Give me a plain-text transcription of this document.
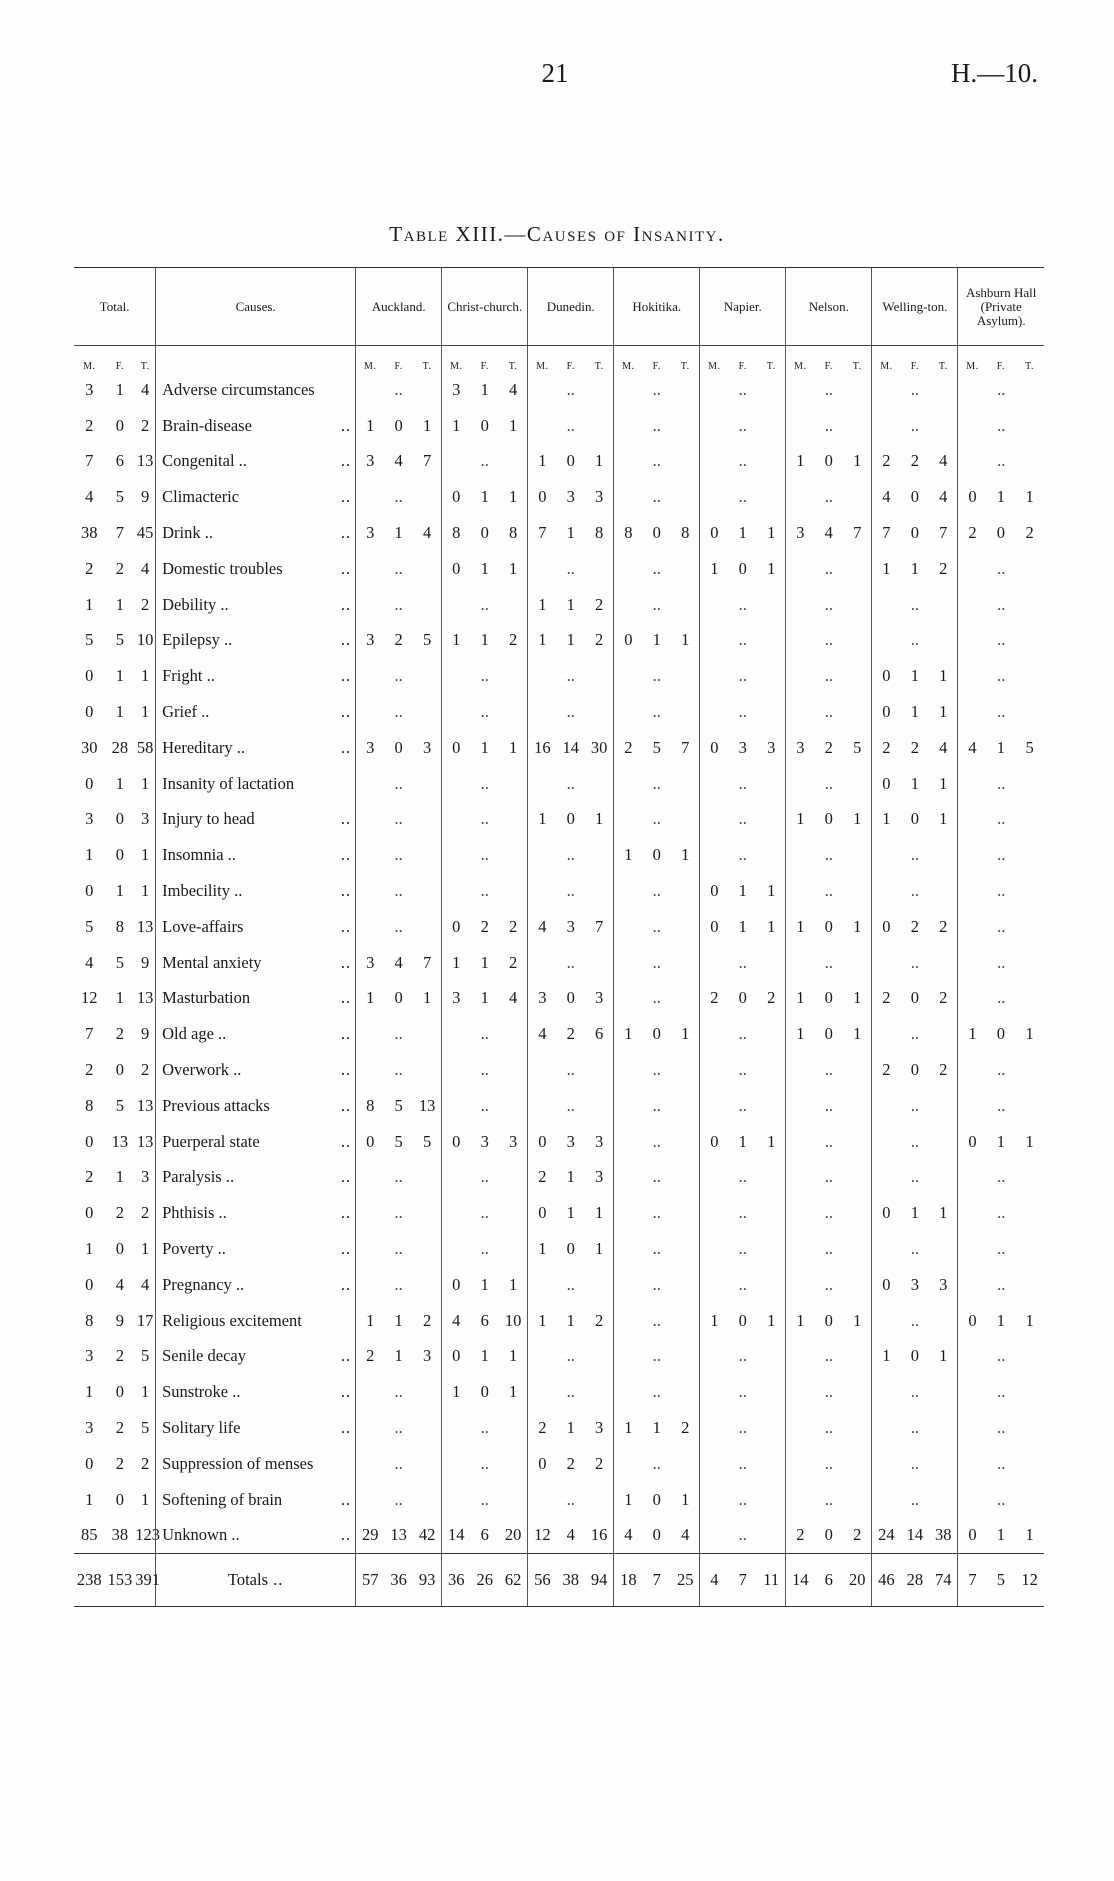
21	H.—10.
Table XIII.—Causes of Insanity.
Total.			Causes.	Auckland.			Christ-church.			Dunedin.			Hokitika.			Napier.			Nelson.			Welling-ton.			Ashburn Hall (Private Asylum).		
M.	F.	T.		M.	F.	T.	M.	F.	T.	M.	F.	T.	M.	F.	T.	M.	F.	T.	M.	F.	T.	M.	F.	T.	M.	F.	T.
3	1	4	Adverse circumstances	..			3	1	4	..			..			..			..			..			..		
2	0	2	Brain-disease ..	1	0	1	1	0	1	..			..			..			..			..			..		
7	6	13	Congenital .. ..	3	4	7	..			1	0	1	..			..			1	0	1	2	2	4	..		
4	5	9	Climacteric ..	..			0	1	1	0	3	3	..			..			..			4	0	4	0	1	1
38	7	45	Drink .. ..	3	1	4	8	0	8	7	1	8	8	0	8	0	1	1	3	4	7	7	0	7	2	0	2
2	2	4	Domestic troubles ..	..			0	1	1	..			..			1	0	1	..			1	1	2	..		
1	1	2	Debility .. ..	..			..			1	1	2	..			..			..			..			..		
5	5	10	Epilepsy .. ..	3	2	5	1	1	2	1	1	2	0	1	1	..			..			..			..		
0	1	1	Fright .. ..	..			..			..			..			..			..			0	1	1	..		
0	1	1	Grief .. ..	..			..			..			..			..			..			0	1	1	..		
30	28	58	Hereditary .. ..	3	0	3	0	1	1	16	14	30	2	5	7	0	3	3	3	2	5	2	2	4	4	1	5
0	1	1	Insanity of lactation	..			..			..			..			..			..			0	1	1	..		
3	0	3	Injury to head ..	..			..			1	0	1	..			..			1	0	1	1	0	1	..		
1	0	1	Insomnia .. ..	..			..			..			1	0	1	..			..			..			..		
0	1	1	Imbecility .. ..	..			..			..			..			0	1	1	..			..			..		
5	8	13	Love-affairs ..	..			0	2	2	4	3	7	..			0	1	1	1	0	1	0	2	2	..		
4	5	9	Mental anxiety ..	3	4	7	1	1	2	..			..			..			..			..			..		
12	1	13	Masturbation ..	1	0	1	3	1	4	3	0	3	..			2	0	2	1	0	1	2	0	2	..		
7	2	9	Old age .. ..	..			..			4	2	6	1	0	1	..			1	0	1	..			1	0	1
2	0	2	Overwork .. ..	..			..			..			..			..			..			2	0	2	..		
8	5	13	Previous attacks ..	8	5	13	..			..			..			..			..			..			..		
0	13	13	Puerperal state ..	0	5	5	0	3	3	0	3	3	..			0	1	1	..			..			0	1	1
2	1	3	Paralysis .. ..	..			..			2	1	3	..			..			..			..			..		
0	2	2	Phthisis .. ..	..			..			0	1	1	..			..			..			0	1	1	..		
1	0	1	Poverty .. ..	..			..			1	0	1	..			..			..			..			..		
0	4	4	Pregnancy .. ..	..			0	1	1	..			..			..			..			0	3	3	..		
8	9	17	Religious excitement	1	1	2	4	6	10	1	1	2	..			1	0	1	1	0	1	..			0	1	1
3	2	5	Senile decay ..	2	1	3	0	1	1	..			..			..			..			1	0	1	..		
1	0	1	Sunstroke .. ..	..			1	0	1	..			..			..			..			..			..		
3	2	5	Solitary life ..	..			..			2	1	3	1	1	2	..			..			..			..		
0	2	2	Suppression of menses	..			..			0	2	2	..			..			..			..			..		
1	0	1	Softening of brain ..	..			..			..			1	0	1	..			..			..			..		
85	38	123	Unknown .. ..	29	13	42	14	6	20	12	4	16	4	0	4	..			2	0	2	24	14	38	0	1	1
238	153	391	Totals ..	57	36	93	36	26	62	56	38	94	18	7	25	4	7	11	14	6	20	46	28	74	7	5	12
